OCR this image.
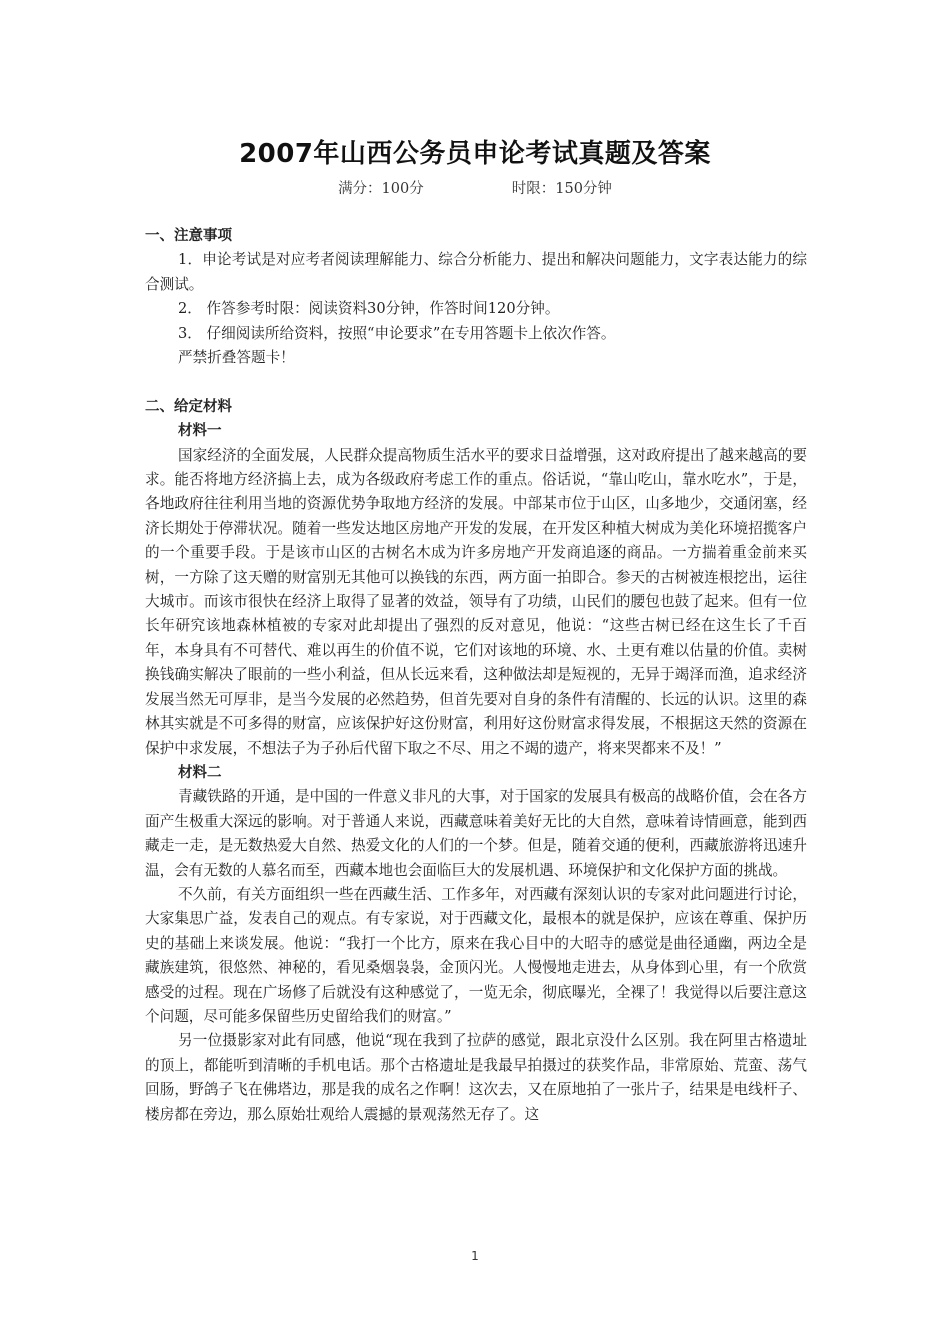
2007年山西公务员申论考试真题及答案
满分：100分	时限：150分钟
一、注意事项

1．申论考试是对应考者阅读理解能力、综合分析能力、提出和解决问题能力，文字表达能力的综合测试。

2． 作答参考时限：阅读资料30分钟，作答时间120分钟。

3． 仔细阅读所给资料，按照“申论要求”在专用答题卡上依次作答。

严禁折叠答题卡！

二、给定材料
材料一

国家经济的全面发展，人民群众提高物质生活水平的要求日益增强，这对政府提出了越来越高的要求。能否将地方经济搞上去，成为各级政府考虑工作的重点。俗话说，“靠山吃山，靠水吃水”，于是，各地政府往往利用当地的资源优势争取地方经济的发展。中部某市位于山区，山多地少，交通闭塞，经济长期处于停滞状况。随着一些发达地区房地产开发的发展，在开发区种植大树成为美化环境招揽客户的一个重要手段。于是该市山区的古树名木成为许多房地产开发商追逐的商品。一方揣着重金前来买树，一方除了这天赠的财富别无其他可以换钱的东西，两方面一拍即合。参天的古树被连根挖出，运往大城市。而该市很快在经济上取得了显著的效益，领导有了功绩，山民们的腰包也鼓了起来。但有一位长年研究该地森林植被的专家对此却提出了强烈的反对意见，他说：“这些古树已经在这生长了千百年，本身具有不可替代、难以再生的价值不说，它们对该地的环境、水、土更有难以估量的价值。卖树换钱确实解决了眼前的一些小利益，但从长远来看，这种做法却是短视的，无异于竭泽而渔，追求经济发展当然无可厚非，是当今发展的必然趋势，但首先要对自身的条件有清醒的、长远的认识。这里的森林其实就是不可多得的财富，应该保护好这份财富，利用好这份财富求得发展，不根据这天然的资源在保护中求发展，不想法子为子孙后代留下取之不尽、用之不竭的遗产，将来哭都来不及！”

材料二

青藏铁路的开通，是中国的一件意义非凡的大事，对于国家的发展具有极高的战略价值，会在各方面产生极重大深远的影响。对于普通人来说，西藏意味着美好无比的大自然，意味着诗情画意，能到西藏走一走，是无数热爱大自然、热爱文化的人们的一个梦。但是，随着交通的便利，西藏旅游将迅速升温，会有无数的人慕名而至，西藏本地也会面临巨大的发展机遇、环境保护和文化保护方面的挑战。

不久前，有关方面组织一些在西藏生活、工作多年，对西藏有深刻认识的专家对此问题进行讨论，大家集思广益，发表自己的观点。有专家说，对于西藏文化，最根本的就是保护，应该在尊重、保护历史的基础上来谈发展。他说：“我打一个比方，原来在我心目中的大昭寺的感觉是曲径通幽，两边全是藏族建筑，很悠然、神秘的，看见桑烟袅袅，金顶闪光。人慢慢地走进去，从身体到心里，有一个欣赏感受的过程。现在广场修了后就没有这种感觉了，一览无余，彻底曝光，全裸了！我觉得以后要注意这个问题，尽可能多保留些历史留给我们的财富。”

另一位摄影家对此有同感，他说“现在我到了拉萨的感觉，跟北京没什么区别。我在阿里古格遗址的顶上，都能听到清晰的手机电话。那个古格遗址是我最早拍摄过的获奖作品，非常原始、荒蛮、荡气回肠，野鸽子飞在佛塔边，那是我的成名之作啊！这次去，又在原地拍了一张片子，结果是电线杆子、楼房都在旁边，那么原始壮观给人震撼的景观荡然无存了。这

1
